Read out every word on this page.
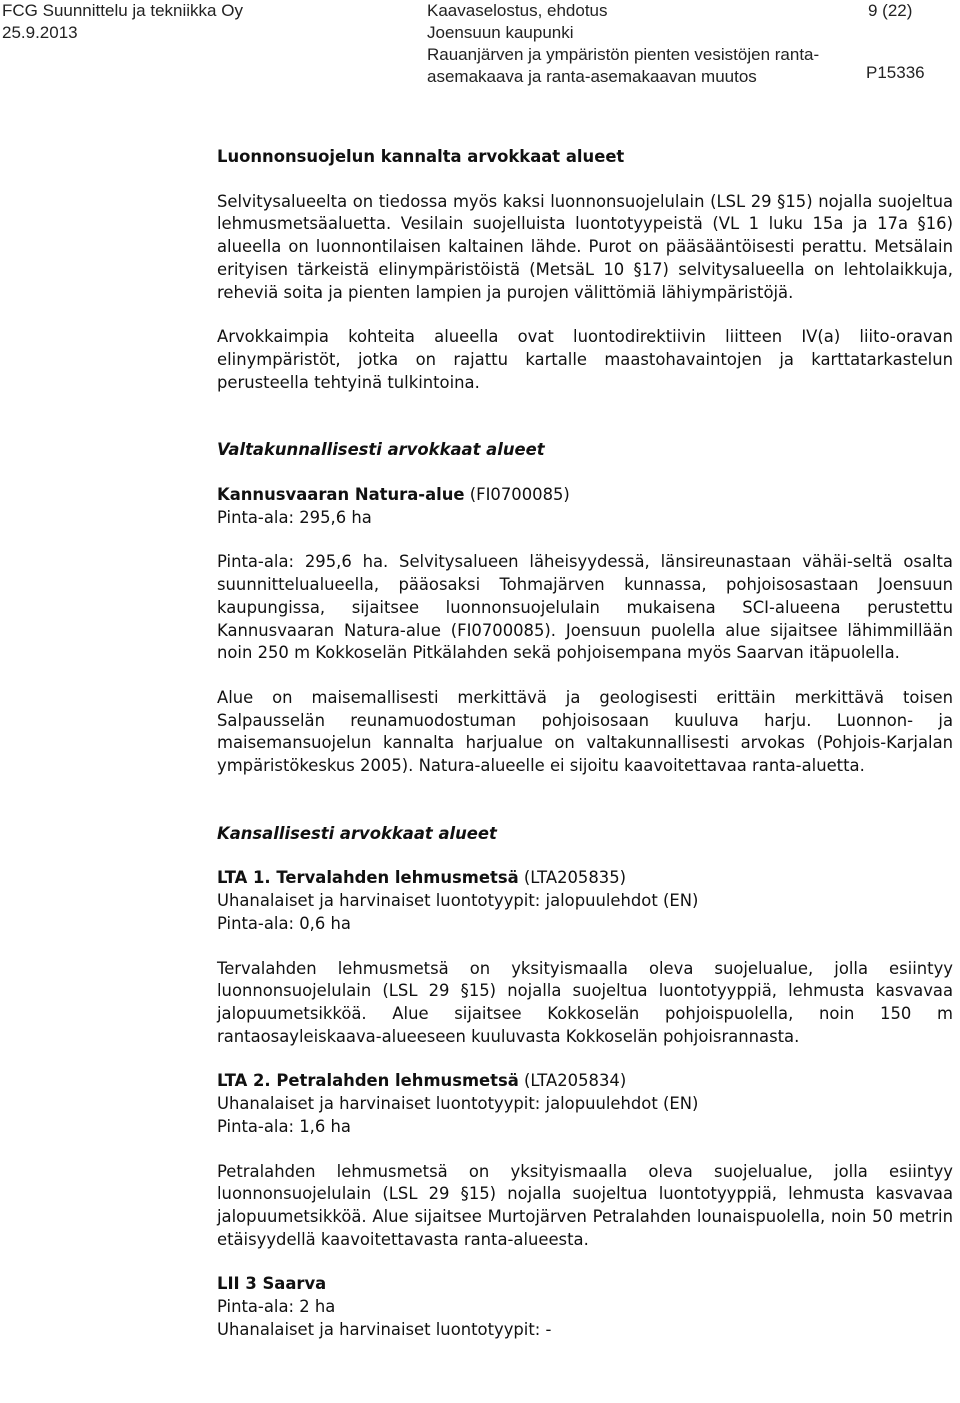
FCG Suunnittelu ja tekniikka Oy
25.9.2013
Kaavaselostus, ehdotus
Joensuun kaupunki
Rauanjärven ja ympäristön pienten vesistöjen ranta-
asemakaava ja ranta-asemakaavan muutos
9 (22)
P15336

Luonnonsuojelun kannalta arvokkaat alueet

Selvitysalueelta on tiedossa myös kaksi luonnonsuojelulain (LSL 29 §15) nojalla suojeltua lehmusmetsäaluetta. Vesilain suojelluista luontotyypeistä (VL 1 luku 15a ja 17a §16) alueella on luonnontilaisen kaltainen lähde. Purot on pääsääntöisesti perattu. Metsälain erityisen tärkeistä elinympäristöistä (MetsäL 10 §17) selvitysalueella on lehtolaikkuja, reheviä soita ja pienten lampien ja purojen välittömiä lähiympäristöjä.

Arvokkaimpia kohteita alueella ovat luontodirektiivin liitteen IV(a) liito-oravan elinympäristöt, jotka on rajattu kartalle maastohavaintojen ja karttatarkastelun perusteella tehtyinä tulkintoina.

Valtakunnallisesti arvokkaat alueet

Kannusvaaran Natura-alue (FI0700085)

Pinta-ala: 295,6 ha

Pinta-ala: 295,6 ha. Selvitysalueen läheisyydessä, länsireunastaan vähäi-seltä osalta suunnittelualueella, pääosaksi Tohmajärven kunnassa, pohjoisosastaan Joensuun kaupungissa, sijaitsee luonnonsuojelulain mukaisena SCI-alueena perustettu Kannusvaaran Natura-alue (FI0700085). Joensuun puolella alue sijaitsee lähimmillään noin 250 m Kokkoselän Pitkälahden sekä pohjoisempana myös Saarvan itäpuolella.

Alue on maisemallisesti merkittävä ja geologisesti erittäin merkittävä toisen Salpausselän reunamuodostuman pohjoisosaan kuuluva harju. Luonnon- ja maisemansuojelun kannalta harjualue on valtakunnallisesti arvokas (Pohjois-Karjalan ympäristökeskus 2005). Natura-alueelle ei sijoitu kaavoitettavaa ranta-aluetta.

Kansallisesti arvokkaat alueet

LTA 1. Tervalahden lehmusmetsä (LTA205835)

Uhanalaiset ja harvinaiset luontotyypit: jalopuulehdot (EN)

Pinta-ala: 0,6 ha

Tervalahden lehmusmetsä on yksityismaalla oleva suojelualue, jolla esiintyy luonnonsuojelulain (LSL 29 §15) nojalla suojeltua luontotyyppiä, lehmusta kasvavaa jalopuumetsikköä. Alue sijaitsee Kokkoselän pohjoispuolella, noin 150 m rantaosayleiskaava-alueeseen kuuluvasta Kokkoselän pohjoisrannasta.

LTA 2. Petralahden lehmusmetsä (LTA205834)

Uhanalaiset ja harvinaiset luontotyypit: jalopuulehdot (EN)

Pinta-ala: 1,6 ha

Petralahden lehmusmetsä on yksityismaalla oleva suojelualue, jolla esiintyy luonnonsuojelulain (LSL 29 §15) nojalla suojeltua luontotyyppiä, lehmusta kasvavaa jalopuumetsikköä. Alue sijaitsee Murtojärven Petralahden lounaispuolella, noin 50 metrin etäisyydellä kaavoitettavasta ranta-alueesta.

LII 3 Saarva

Pinta-ala: 2 ha

Uhanalaiset ja harvinaiset luontotyypit: -
